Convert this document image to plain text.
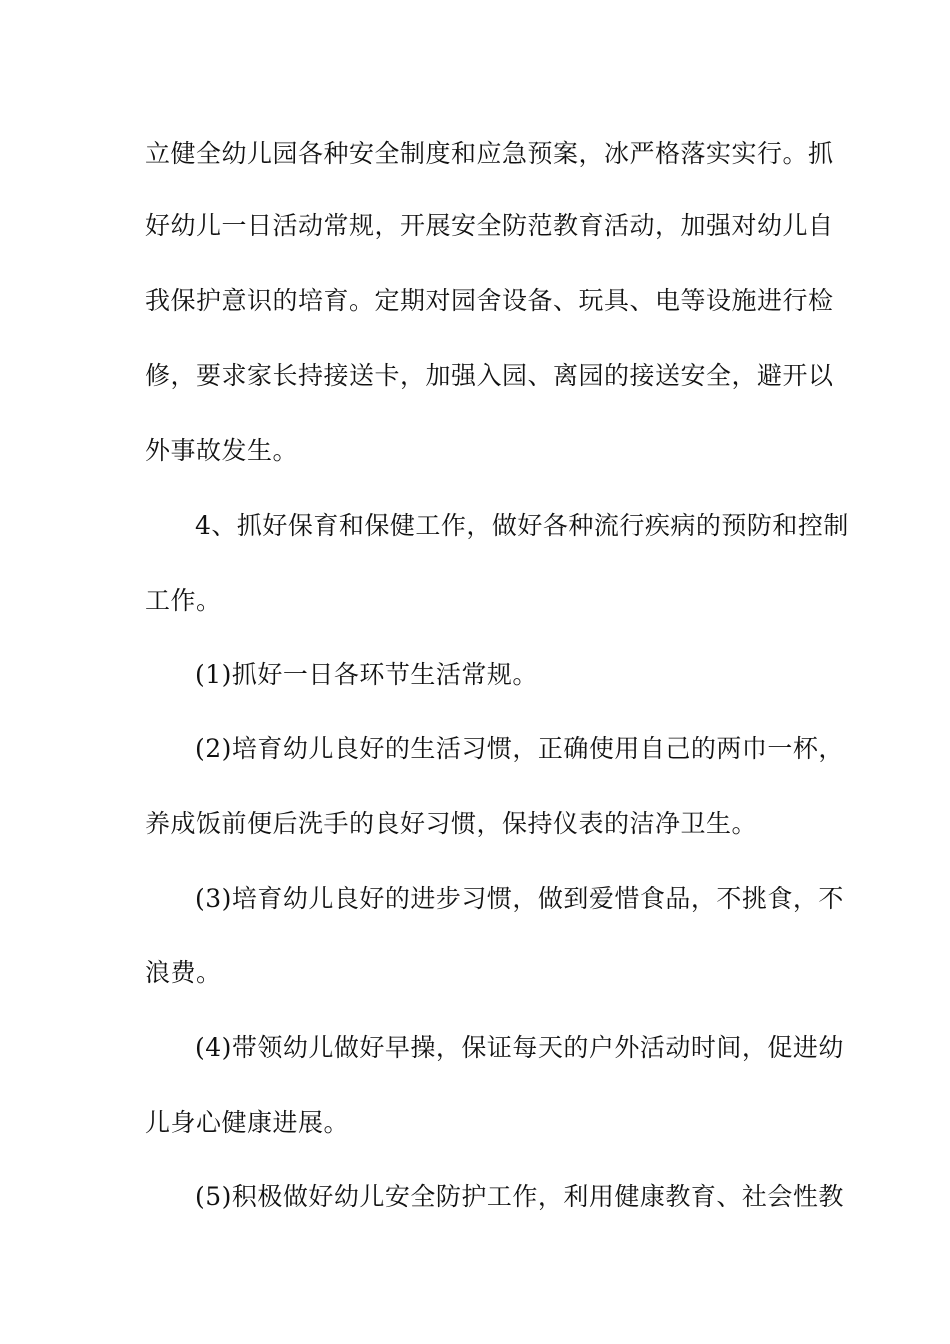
立健全幼儿园各种安全制度和应急预案，冰严格落实实行。抓
好幼儿一日活动常规，开展安全防范教育活动，加强对幼儿自
我保护意识的培育。定期对园舍设备、玩具、电等设施进行检
修，要求家长持接送卡，加强入园、离园的接送安全，避开以
外事故发生。
4、抓好保育和保健工作，做好各种流行疾病的预防和控制
工作。
(1)抓好一日各环节生活常规。
(2)培育幼儿良好的生活习惯，正确使用自己的两巾一杯，
养成饭前便后洗手的良好习惯，保持仪表的洁净卫生。
(3)培育幼儿良好的进步习惯，做到爱惜食品，不挑食，不
浪费。
(4)带领幼儿做好早操，保证每天的户外活动时间，促进幼
儿身心健康进展。
(5)积极做好幼儿安全防护工作，利用健康教育、社会性教
